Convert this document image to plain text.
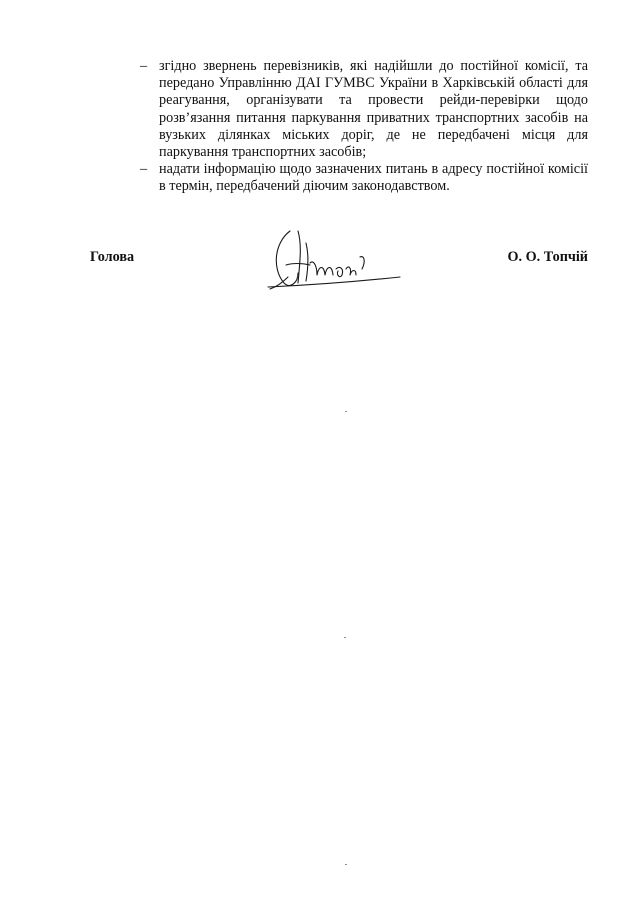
– згідно звернень перевізників, які надійшли до постійної комісії, та передано Управлінню ДАІ ГУМВС України в Харківській області для реагування, організувати та провести рейди-перевірки щодо розв’язання питання паркування приватних транспортних засобів на вузьких ділянках міських доріг, де не передбачені місця для паркування транспортних засобів;
– надати інформацію щодо зазначених питань в адресу постійної комісії в термін, передбачений діючим законодавством.
Голова	О. О. Топчій
